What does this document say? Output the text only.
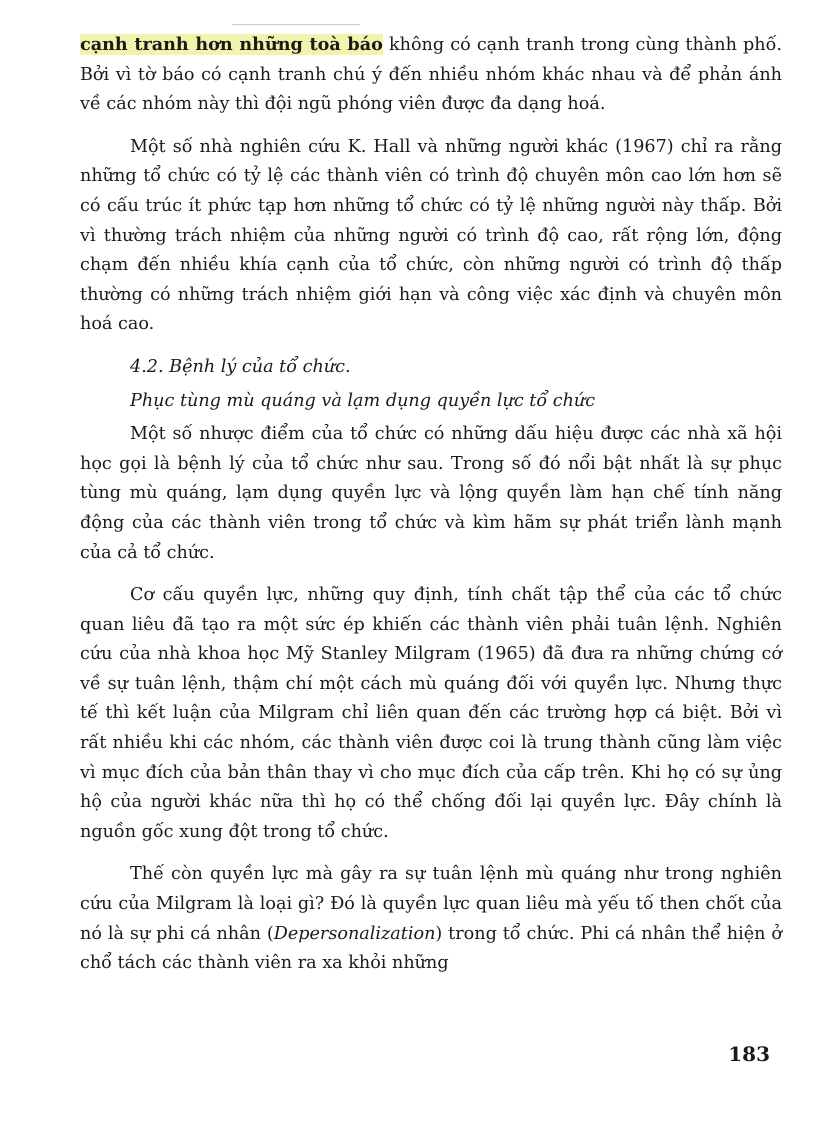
cạnh tranh hơn những toà báo không có cạnh tranh trong cùng thành phố. Bởi vì tờ báo có cạnh tranh chú ý đến nhiều nhóm khác nhau và để phản ánh về các nhóm này thì đội ngũ phóng viên được đa dạng hoá.

Một số nhà nghiên cứu K. Hall và những người khác (1967) chỉ ra rằng những tổ chức có tỷ lệ các thành viên có trình độ chuyên môn cao lớn hơn sẽ có cấu trúc ít phức tạp hơn những tổ chức có tỷ lệ những người này thấp. Bởi vì thường trách nhiệm của những người có trình độ cao, rất rộng lớn, động chạm đến nhiều khía cạnh của tổ chức, còn những người có trình độ thấp thường có những trách nhiệm giới hạn và công việc xác định và chuyên môn hoá cao.

4.2. Bệnh lý của tổ chức.

Phục tùng mù quáng và lạm dụng quyền lực tổ chức

Một số nhược điểm của tổ chức có những dấu hiệu được các nhà xã hội học gọi là bệnh lý của tổ chức như sau. Trong số đó nổi bật nhất là sự phục tùng mù quáng, lạm dụng quyền lực và lộng quyền làm hạn chế tính năng động của các thành viên trong tổ chức và kìm hãm sự phát triển lành mạnh của cả tổ chức.

Cơ cấu quyền lực, những quy định, tính chất tập thể của các tổ chức quan liêu đã tạo ra một sức ép khiến các thành viên phải tuân lệnh. Nghiên cứu của nhà khoa học Mỹ Stanley Milgram (1965) đã đưa ra những chứng cớ về sự tuân lệnh, thậm chí một cách mù quáng đối với quyền lực. Nhưng thực tế thì kết luận của Milgram chỉ liên quan đến các trường hợp cá biệt. Bởi vì rất nhiều khi các nhóm, các thành viên được coi là trung thành cũng làm việc vì mục đích của bản thân thay vì cho mục đích của cấp trên. Khi họ có sự ủng hộ của người khác nữa thì họ có thể chống đối lại quyền lực. Đây chính là nguồn gốc xung đột trong tổ chức.

Thế còn quyền lực mà gây ra sự tuân lệnh mù quáng như trong nghiên cứu của Milgram là loại gì? Đó là quyền lực quan liêu mà yếu tố then chốt của nó là sự phi cá nhân (Depersonalization) trong tổ chức. Phi cá nhân thể hiện ở chổ tách các thành viên ra xa khỏi những

183
